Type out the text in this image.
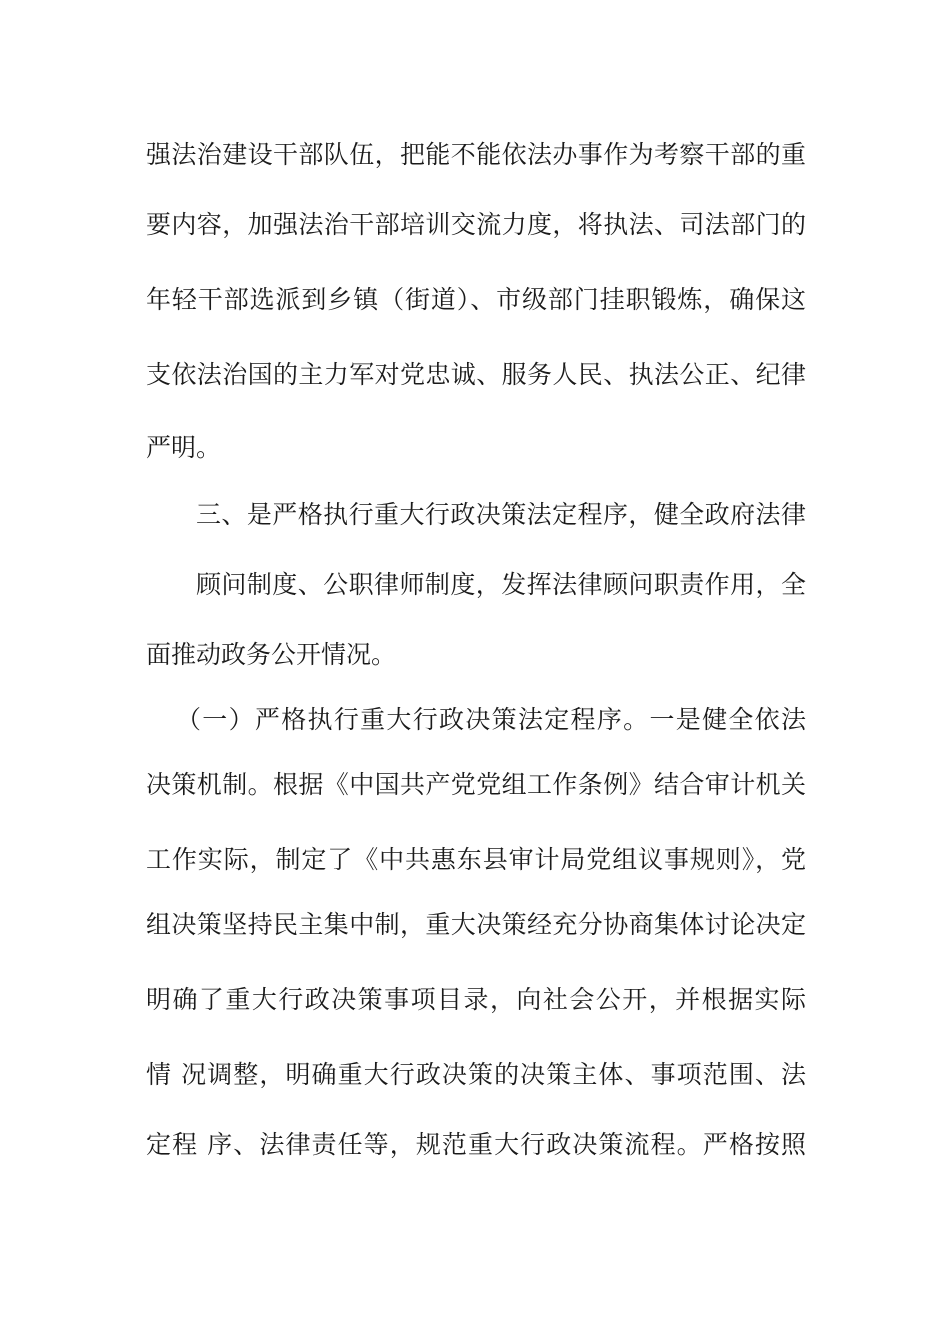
强法治建设干部队伍，把能不能依法办事作为考察干部的重
要内容，加强法治干部培训交流力度，将执法、司法部门的
年轻干部选派到乡镇（街道）、市级部门挂职锻炼，确保这
支依法治国的主力军对党忠诚、服务人民、执法公正、纪律
严明。
三、是严格执行重大行政决策法定程序，健全政府法律
顾问制度、公职律师制度，发挥法律顾问职责作用，全
面推动政务公开情况。
（一）严格执行重大行政决策法定程序。一是健全依法
决策机制。根据《中国共产党党组工作条例》结合审计机关
工作实际，制定了《中共惠东县审计局党组议事规则》，党
组决策坚持民主集中制，重大决策经充分协商集体讨论决定
明确了重大行政决策事项目录，向社会公开，并根据实际
情 况调整，明确重大行政决策的决策主体、事项范围、法
定程 序、法律责任等，规范重大行政决策流程。严格按照
